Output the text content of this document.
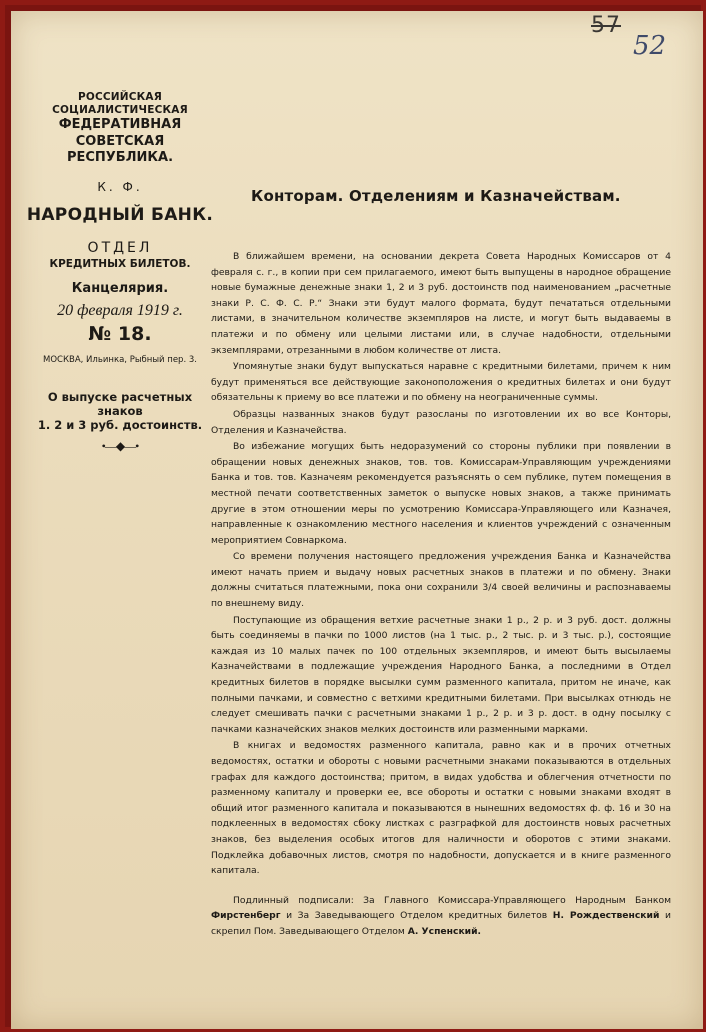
57
52

РОССИЙСКАЯ СОЦИАЛИСТИЧЕСКАЯ

ФЕДЕРАТИВНАЯ

СОВЕТСКАЯ РЕСПУБЛИКА.

К. Ф.

НАРОДНЫЙ БАНК.

ОТДЕЛ

КРЕДИТНЫХ БИЛЕТОВ.

Канцелярия.

20 февраля 1919 г.

№ 18.

МОСКВА, Ильинка, Рыбный пер. 3.

О выпуске расчетных знаков

1. 2 и 3 руб. достоинств.

•—◆—•

Конторам. Отделениям и Казначействам.

В ближайшем времени, на основании декрета Совета Народных Комиссаров от 4 февраля с. г., в копии при сем прилагаемого, имеют быть выпущены в народное обращение новые бумажные денежные знаки 1, 2 и 3 руб. достоинств под наименованием „расчетные знаки Р. С. Ф. С. Р.“ Знаки эти будут малого формата, будут печататься отдельными листами, в значительном количестве экземпляров на листе, и могут быть выдаваемы в платежи и по обмену или целыми листами или, в случае надобности, отдельными экземплярами, отрезанными в любом количестве от листа.

Упомянутые знаки будут выпускаться наравне с кредитными билетами, причем к ним будут применяться все действующие законоположения о кредитных билетах и они будут обязательны к приему во все платежи и по обмену на неограниченные суммы.

Образцы названных знаков будут разосланы по изготовлении их во все Конторы, Отделения и Казначейства.

Во избежание могущих быть недоразумений со стороны публики при появлении в обращении новых денежных знаков, тов. тов. Комиссарам-Управляющим учреждениями Банка и тов. тов. Казначеям рекомендуется разъяснять о сем публике, путем помещения в местной печати соответственных заметок о выпуске новых знаков, а также принимать другие в этом отношении меры по усмотрению Комиссара-Управляющего или Казначея, направленные к ознакомлению местного населения и клиентов учреждений с означенным мероприятием Совнаркома.

Со времени получения настоящего предложения учреждения Банка и Казначейства имеют начать прием и выдачу новых расчетных знаков в платежи и по обмену. Знаки должны считаться платежными, пока они сохранили 3/4 своей величины и распознаваемы по внешнему виду.

Поступающие из обращения ветхие расчетные знаки 1 р., 2 р. и 3 руб. дост. должны быть соединяемы в пачки по 1000 листов (на 1 тыс. р., 2 тыс. р. и 3 тыс. р.), состоящие каждая из 10 малых пачек по 100 отдельных экземпляров, и имеют быть высылаемы Казначействами в подлежащие учреждения Народного Банка, а последними в Отдел кредитных билетов в порядке высылки сумм разменного капитала, притом не иначе, как полными пачками, и совместно с ветхими кредитными билетами. При высылках отнюдь не следует смешивать пачки с расчетными знаками 1 р., 2 р. и 3 р. дост. в одну посылку с пачками казначейских знаков мелких достоинств или разменными марками.

В книгах и ведомостях разменного капитала, равно как и в прочих отчетных ведомостях, остатки и обороты с новыми расчетными знаками показываются в отдельных графах для каждого достоинства; притом, в видах удобства и облегчения отчетности по разменному капиталу и проверки ее, все обороты и остатки с новыми знаками входят в общий итог разменного капитала и показываются в нынешних ведомостях ф. ф. 16 и 30 на подклеенных в ведомостях сбоку листках с разграфкой для достоинств новых расчетных знаков, без выделения особых итогов для наличности и оборотов с этими знаками. Подклейка добавочных листов, смотря по надобности, допускается и в книге разменного капитала.

Подлинный подписали: За Главного Комиссара-Управляющего Народным Банком Фирстенберг и За Заведывающего Отделом кредитных билетов Н. Рождественский и скрепил Пом. Заведывающего Отделом А. Успенский.
